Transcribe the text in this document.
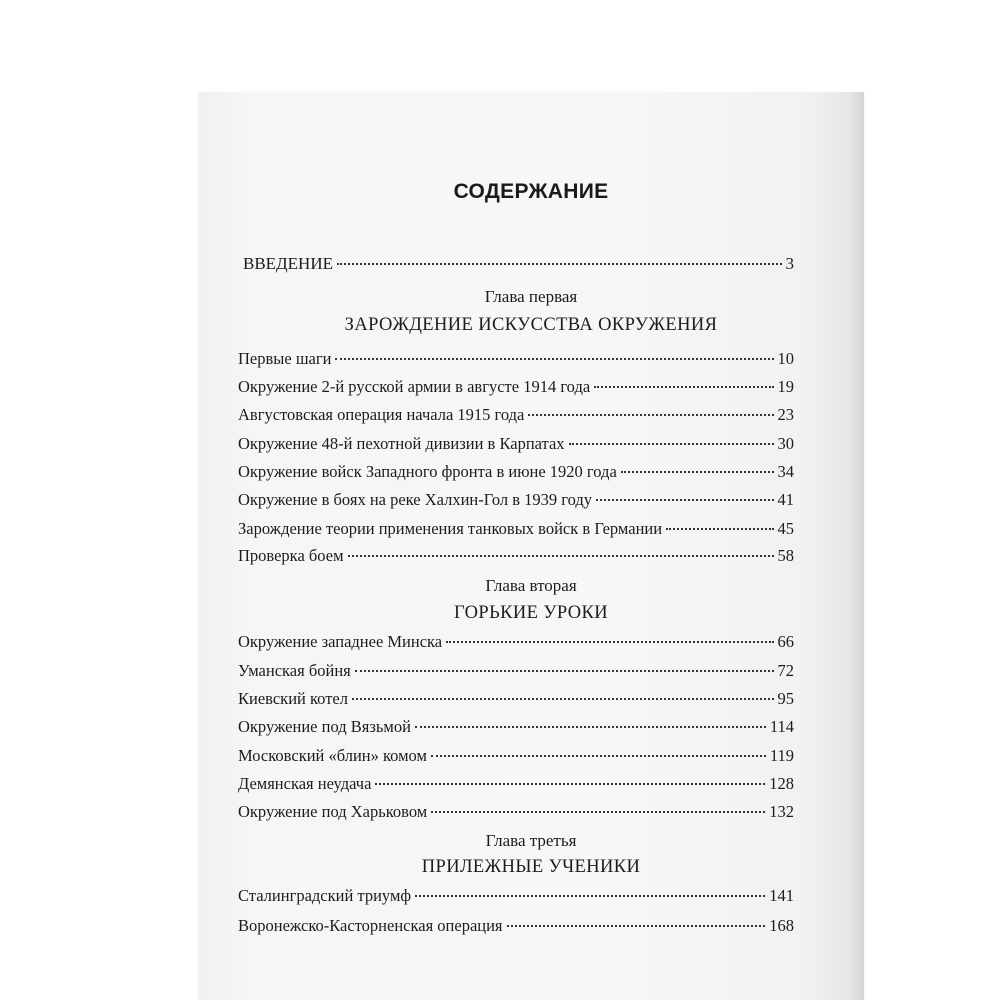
СОДЕРЖАНИЕ
ВВЕДЕНИЕ	3
Глава первая
ЗАРОЖДЕНИЕ ИСКУССТВА ОКРУЖЕНИЯ
Первые шаги	10
Окружение 2-й русской армии в августе 1914 года	19
Августовская операция начала 1915 года	23
Окружение 48-й пехотной дивизии в Карпатах	30
Окружение войск Западного фронта в июне 1920 года	34
Окружение в боях на реке Халхин-Гол в 1939 году	41
Зарождение теории применения танковых войск в Германии	45
Проверка боем	58
Глава вторая
ГОРЬКИЕ УРОКИ
Окружение западнее Минска	66
Уманская бойня	72
Киевский котел	95
Окружение под Вязьмой	114
Московский «блин» комом	119
Демянская неудача	128
Окружение под Харьковом	132
Глава третья
ПРИЛЕЖНЫЕ УЧЕНИКИ
Сталинградский триумф	141
Воронежско-Касторненская операция	168
